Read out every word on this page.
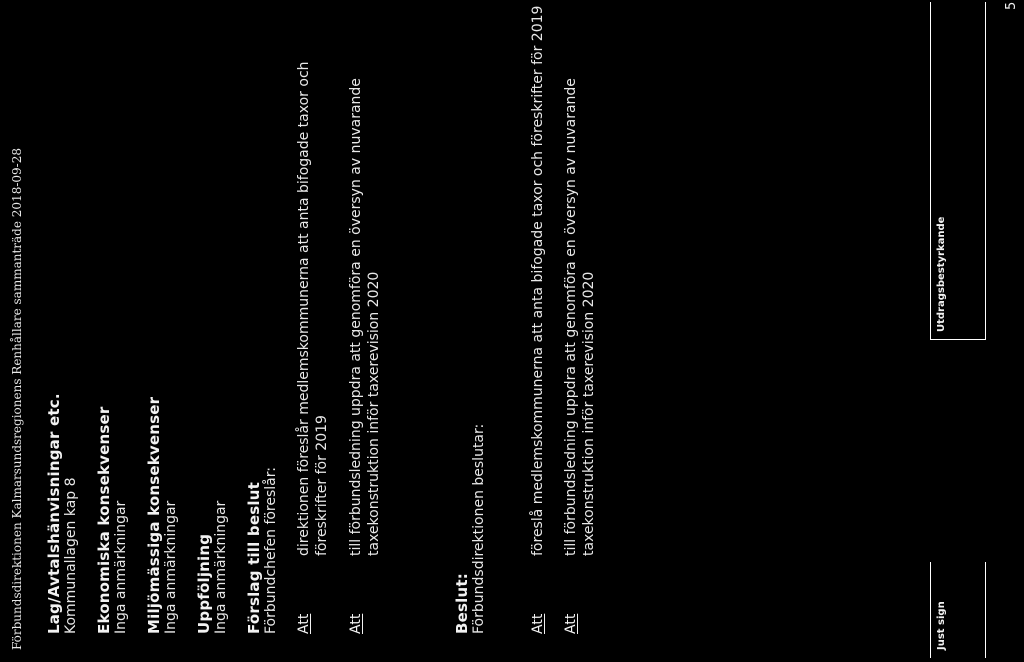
Förbundsdirektionen Kalmarsundsregionens Renhållare sammanträde 2018-09-28 Lag/Avtalshänvisningar etc. Kommunallagen kap 8 Ekonomiska konsekvenser Inga anmärkningar Miljömässiga konsekvenser Inga anmärkningar Uppföljning Inga anmärkningar Förslag till beslut Förbundchefen föreslår: Att
direktionen föreslår medlemskommunerna att anta bifogade taxor och föreskrifter för 2019
Att
till förbundsledning uppdra att genomföra en översyn av nuvarande taxekonstruktion inför taxerevision 2020
Beslut: Förbundsdirektionen beslutar:	Att
föreslå medlemskommunerna att anta bifogade taxor och föreskrifter för 2019
Att
till förbundsledning uppdra att genomföra en översyn av nuvarande taxekonstruktion inför taxerevision 2020
Just sign
Utdragsbestyrkande
5
